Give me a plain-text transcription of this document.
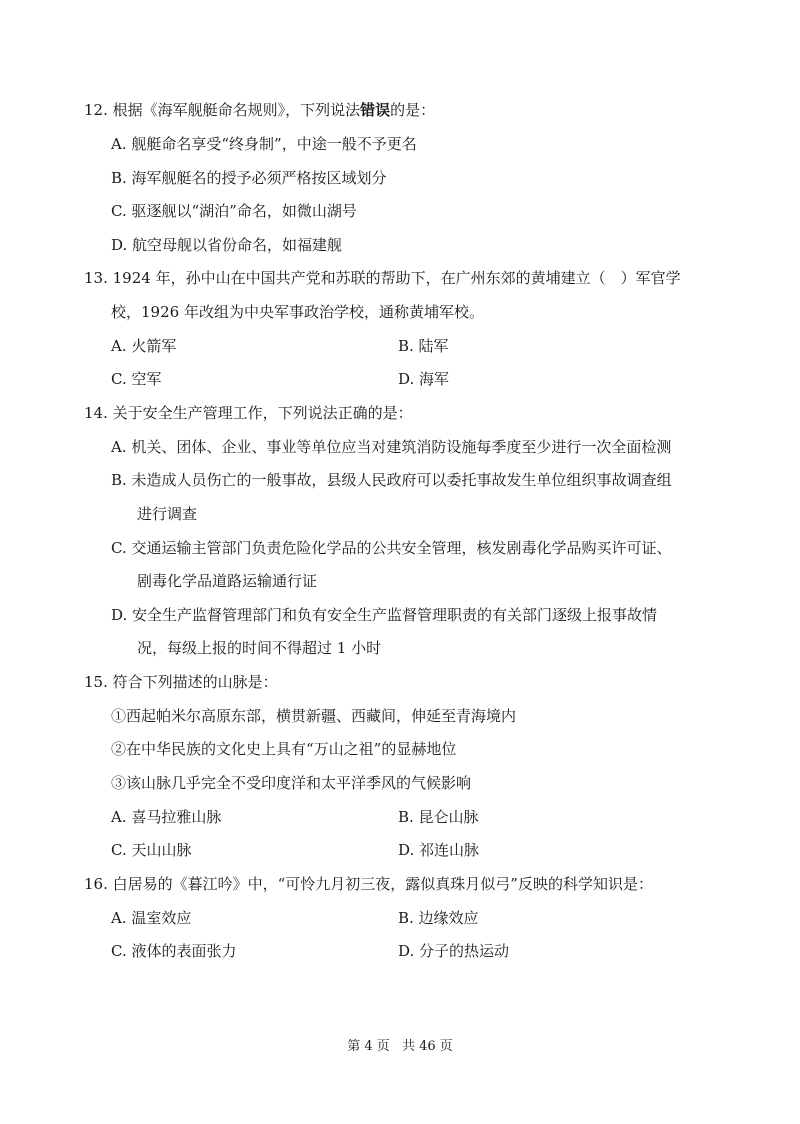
12. 根据《海军舰艇命名规则》，下列说法错误的是：
A. 舰艇命名享受“终身制”，中途一般不予更名
B. 海军舰艇名的授予必须严格按区域划分
C. 驱逐舰以“湖泊”命名，如微山湖号
D. 航空母舰以省份命名，如福建舰
13. 1924 年，孙中山在中国共产党和苏联的帮助下，在广州东郊的黄埔建立（　）军官学
校，1926 年改组为中央军事政治学校，通称黄埔军校。
A. 火箭军	B. 陆军
C. 空军	D. 海军
14. 关于安全生产管理工作，下列说法正确的是：
A. 机关、团体、企业、事业等单位应当对建筑消防设施每季度至少进行一次全面检测
B. 未造成人员伤亡的一般事故，县级人民政府可以委托事故发生单位组织事故调查组
进行调查
C. 交通运输主管部门负责危险化学品的公共安全管理，核发剧毒化学品购买许可证、
剧毒化学品道路运输通行证
D. 安全生产监督管理部门和负有安全生产监督管理职责的有关部门逐级上报事故情
况，每级上报的时间不得超过 1 小时
15. 符合下列描述的山脉是：
①西起帕米尔高原东部，横贯新疆、西藏间，伸延至青海境内
②在中华民族的文化史上具有“万山之祖”的显赫地位
③该山脉几乎完全不受印度洋和太平洋季风的气候影响
A. 喜马拉雅山脉	B. 昆仑山脉
C. 天山山脉	D. 祁连山脉
16. 白居易的《暮江吟》中，“可怜九月初三夜，露似真珠月似弓”反映的科学知识是：
A. 温室效应	B. 边缘效应
C. 液体的表面张力	D. 分子的热运动
第 4 页 共 46 页
